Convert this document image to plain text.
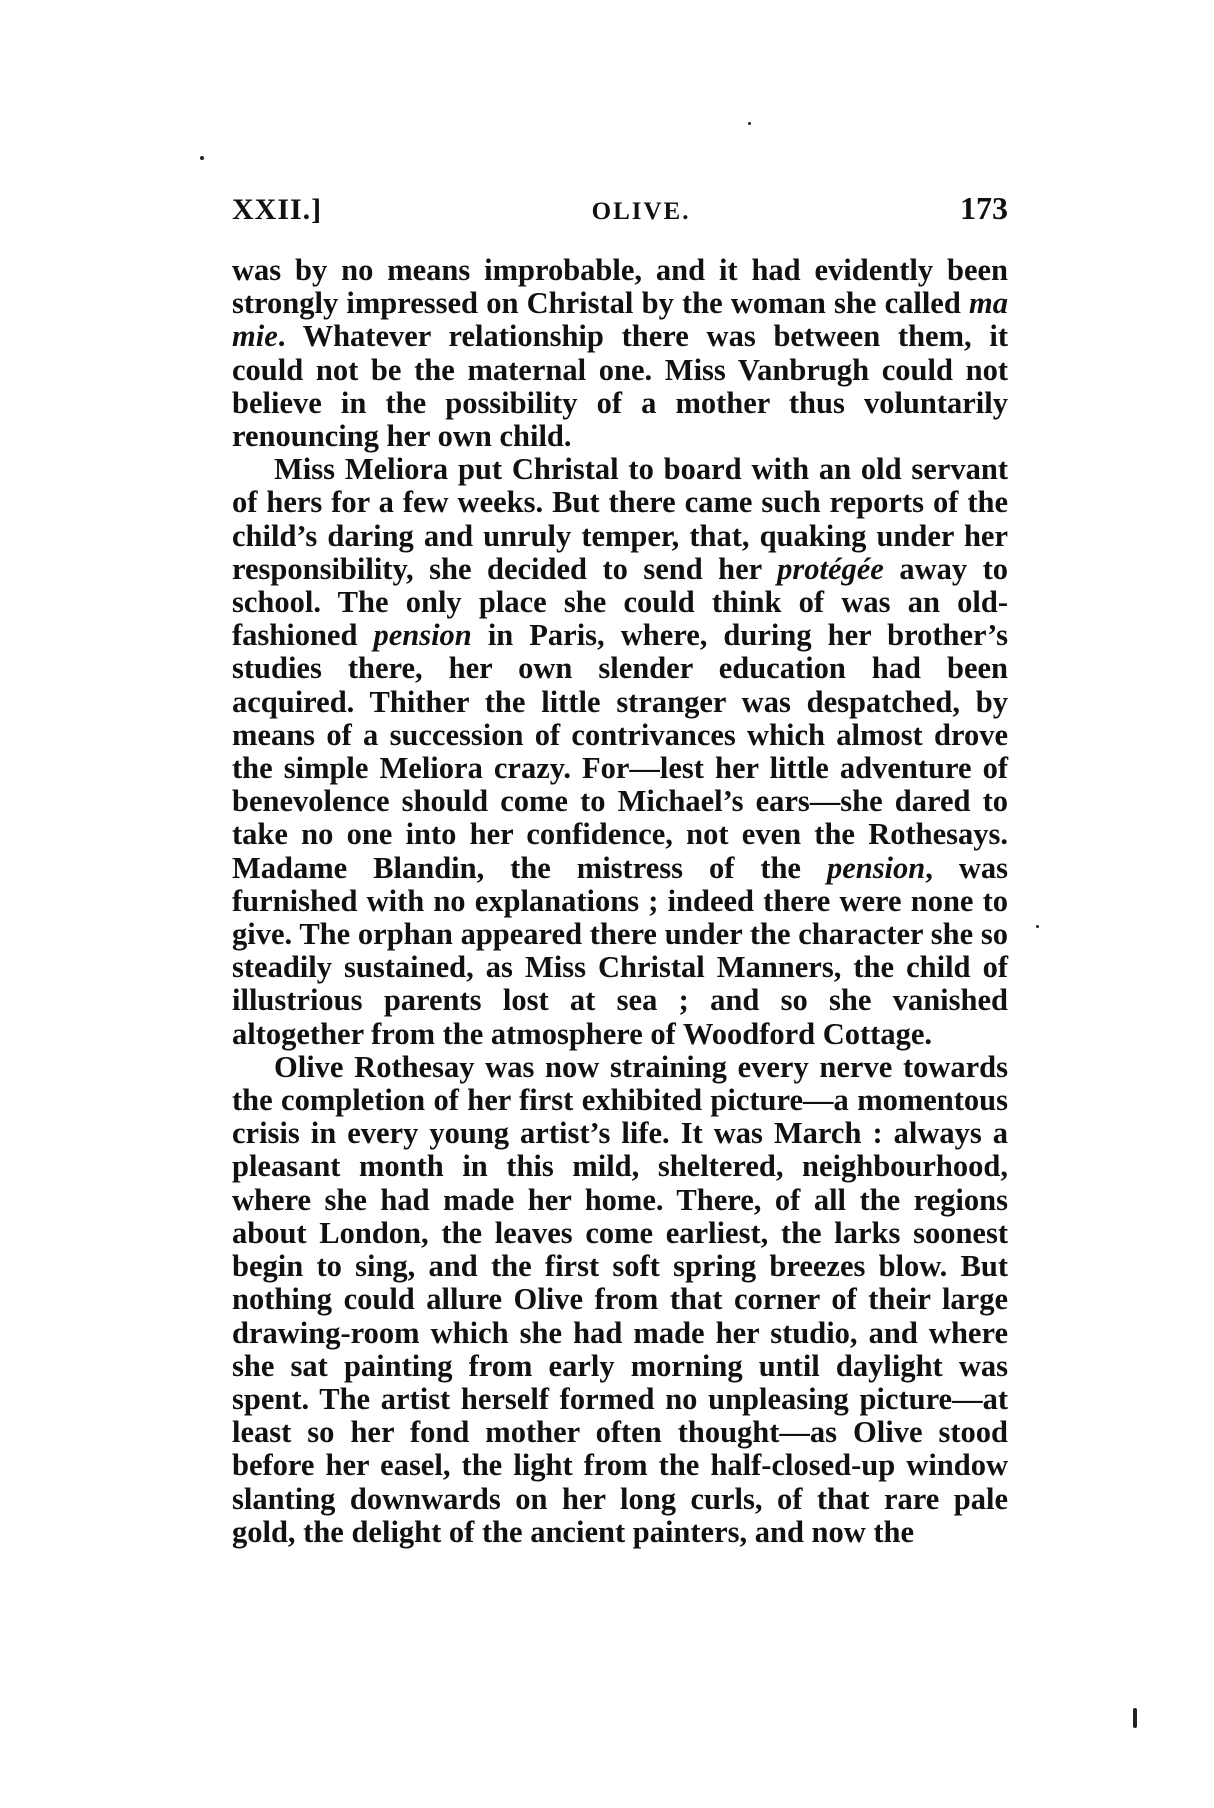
XXII.]	OLIVE.	173

was by no means improbable, and it had evidently been strongly impressed on Christal by the woman she called ma mie. Whatever relationship there was between them, it could not be the maternal one. Miss Vanbrugh could not believe in the possibility of a mother thus voluntarily renouncing her own child.

Miss Meliora put Christal to board with an old servant of hers for a few weeks. But there came such reports of the child’s daring and unruly temper, that, quaking under her responsibility, she decided to send her protégée away to school. The only place she could think of was an old-fashioned pension in Paris, where, during her brother’s studies there, her own slender education had been acquired. Thither the little stranger was despatched, by means of a succession of contrivances which almost drove the simple Meliora crazy. For—lest her little adventure of benevolence should come to Michael’s ears—she dared to take no one into her confidence, not even the Rothesays. Madame Blandin, the mistress of the pension, was furnished with no explanations ; indeed there were none to give. The orphan appeared there under the character she so steadily sustained, as Miss Christal Manners, the child of illustrious parents lost at sea ; and so she vanished altogether from the atmosphere of Woodford Cottage.

Olive Rothesay was now straining every nerve towards the completion of her first exhibited picture—a momentous crisis in every young artist’s life. It was March : always a pleasant month in this mild, sheltered, neighbourhood, where she had made her home. There, of all the regions about London, the leaves come earliest, the larks soonest begin to sing, and the first soft spring breezes blow. But nothing could allure Olive from that corner of their large drawing-room which she had made her studio, and where she sat painting from early morning until daylight was spent. The artist herself formed no unpleasing picture—at least so her fond mother often thought—as Olive stood before her easel, the light from the half-closed-up window slanting downwards on her long curls, of that rare pale gold, the delight of the ancient painters, and now the
